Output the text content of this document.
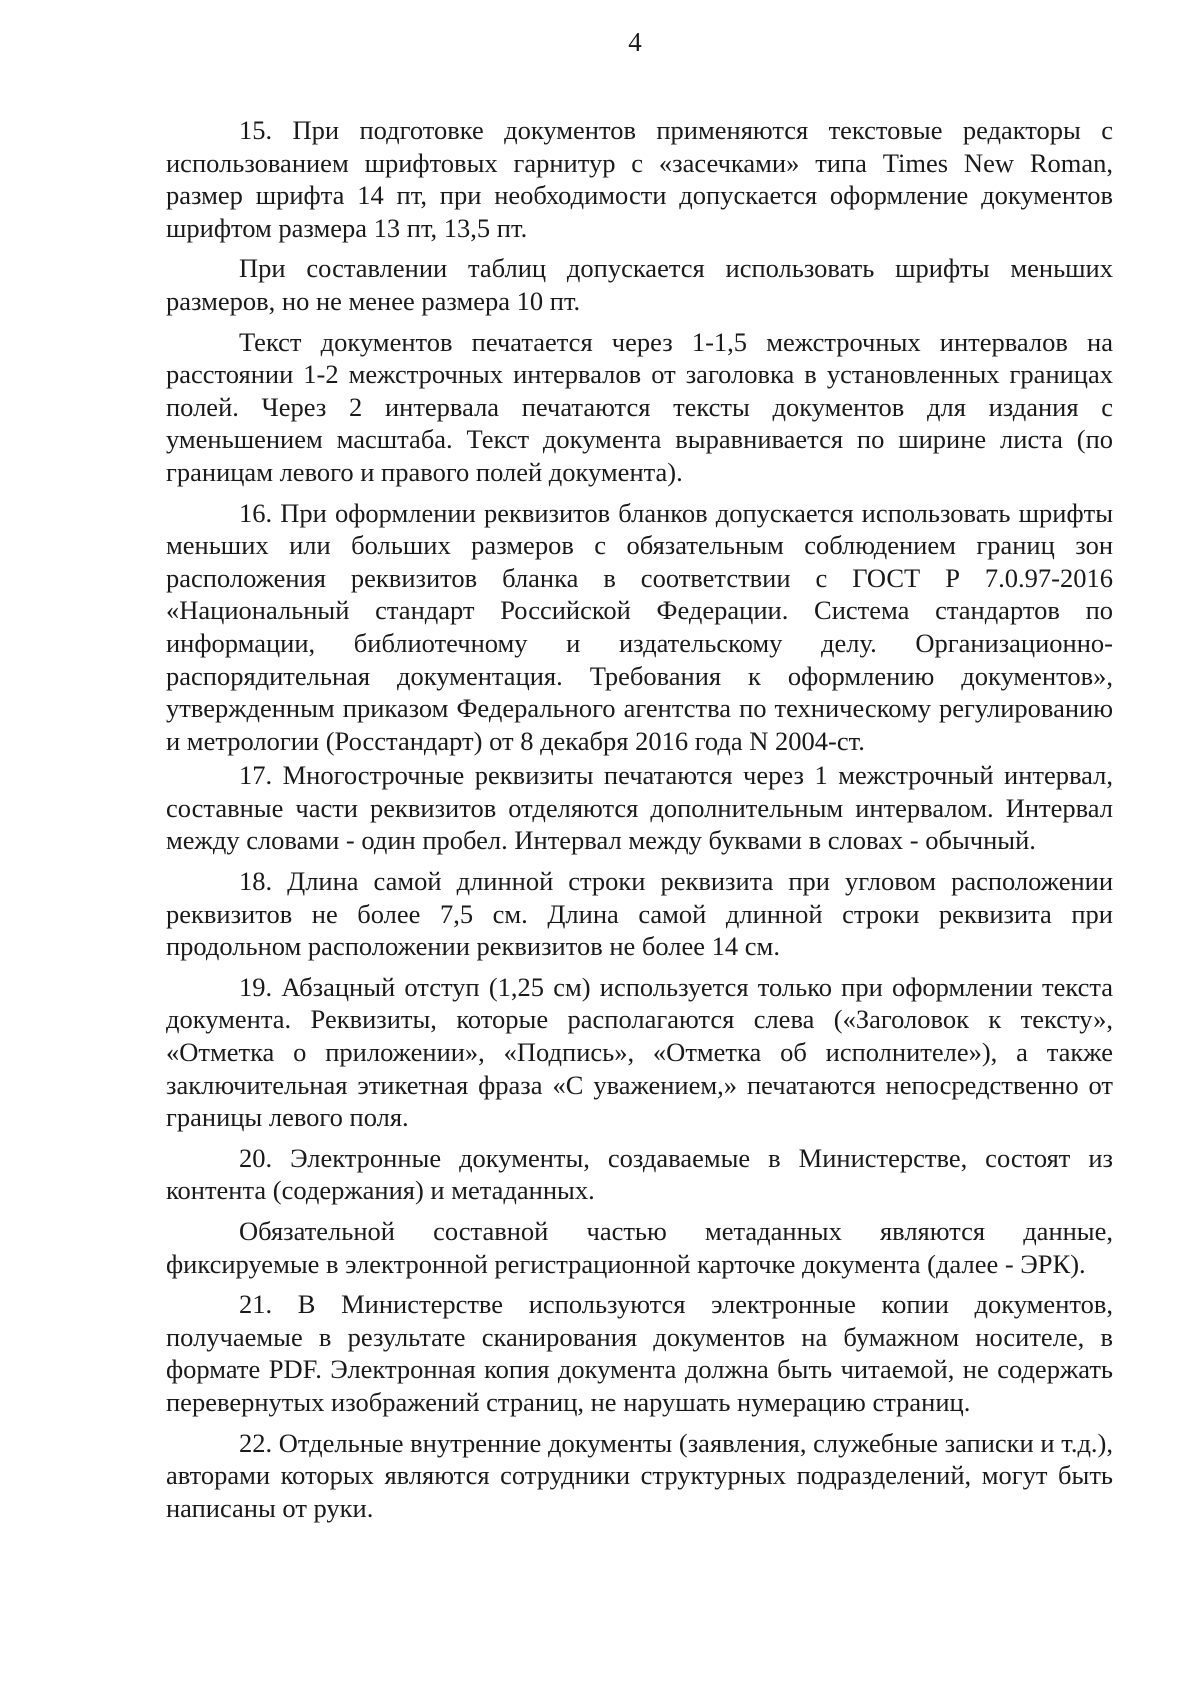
4

15. При подготовке документов применяются текстовые редакторы с использованием шрифтовых гарнитур с «засечками» типа Times New Roman, размер шрифта 14 пт, при необходимости допускается оформление документов шрифтом размера 13 пт, 13,5 пт.

При составлении таблиц допускается использовать шрифты меньших размеров, но не менее размера 10 пт.

Текст документов печатается через 1-1,5 межстрочных интервалов на расстоянии 1-2 межстрочных интервалов от заголовка в установленных границах полей. Через 2 интервала печатаются тексты документов для издания с уменьшением масштаба. Текст документа выравнивается по ширине листа (по границам левого и правого полей документа).

16. При оформлении реквизитов бланков допускается использовать шрифты меньших или больших размеров с обязательным соблюдением границ зон расположения реквизитов бланка в соответствии с ГОСТ Р 7.0.97-2016 «Национальный стандарт Российской Федерации. Система стандартов по информации, библиотечному и издательскому делу. Организационно-распорядительная документация. Требования к оформлению документов», утвержденным приказом Федерального агентства по техническому регулированию и метрологии (Росстандарт) от 8 декабря 2016 года N 2004-ст.

17. Многострочные реквизиты печатаются через 1 межстрочный интервал, составные части реквизитов отделяются дополнительным интервалом. Интервал между словами - один пробел. Интервал между буквами в словах - обычный.

18. Длина самой длинной строки реквизита при угловом расположении реквизитов не более 7,5 см. Длина самой длинной строки реквизита при продольном расположении реквизитов не более 14 см.

19. Абзацный отступ (1,25 см) используется только при оформлении текста документа. Реквизиты, которые располагаются слева («Заголовок к тексту», «Отметка о приложении», «Подпись», «Отметка об исполнителе»), а также заключительная этикетная фраза «С уважением,» печатаются непосредственно от границы левого поля.

20. Электронные документы, создаваемые в Министерстве, состоят из контента (содержания) и метаданных.

Обязательной составной частью метаданных являются данные, фиксируемые в электронной регистрационной карточке документа (далее - ЭРК).

21. В Министерстве используются электронные копии документов, получаемые в результате сканирования документов на бумажном носителе, в формате PDF. Электронная копия документа должна быть читаемой, не содержать перевернутых изображений страниц, не нарушать нумерацию страниц.

22. Отдельные внутренние документы (заявления, служебные записки и т.д.), авторами которых являются сотрудники структурных подразделений, могут быть написаны от руки.
